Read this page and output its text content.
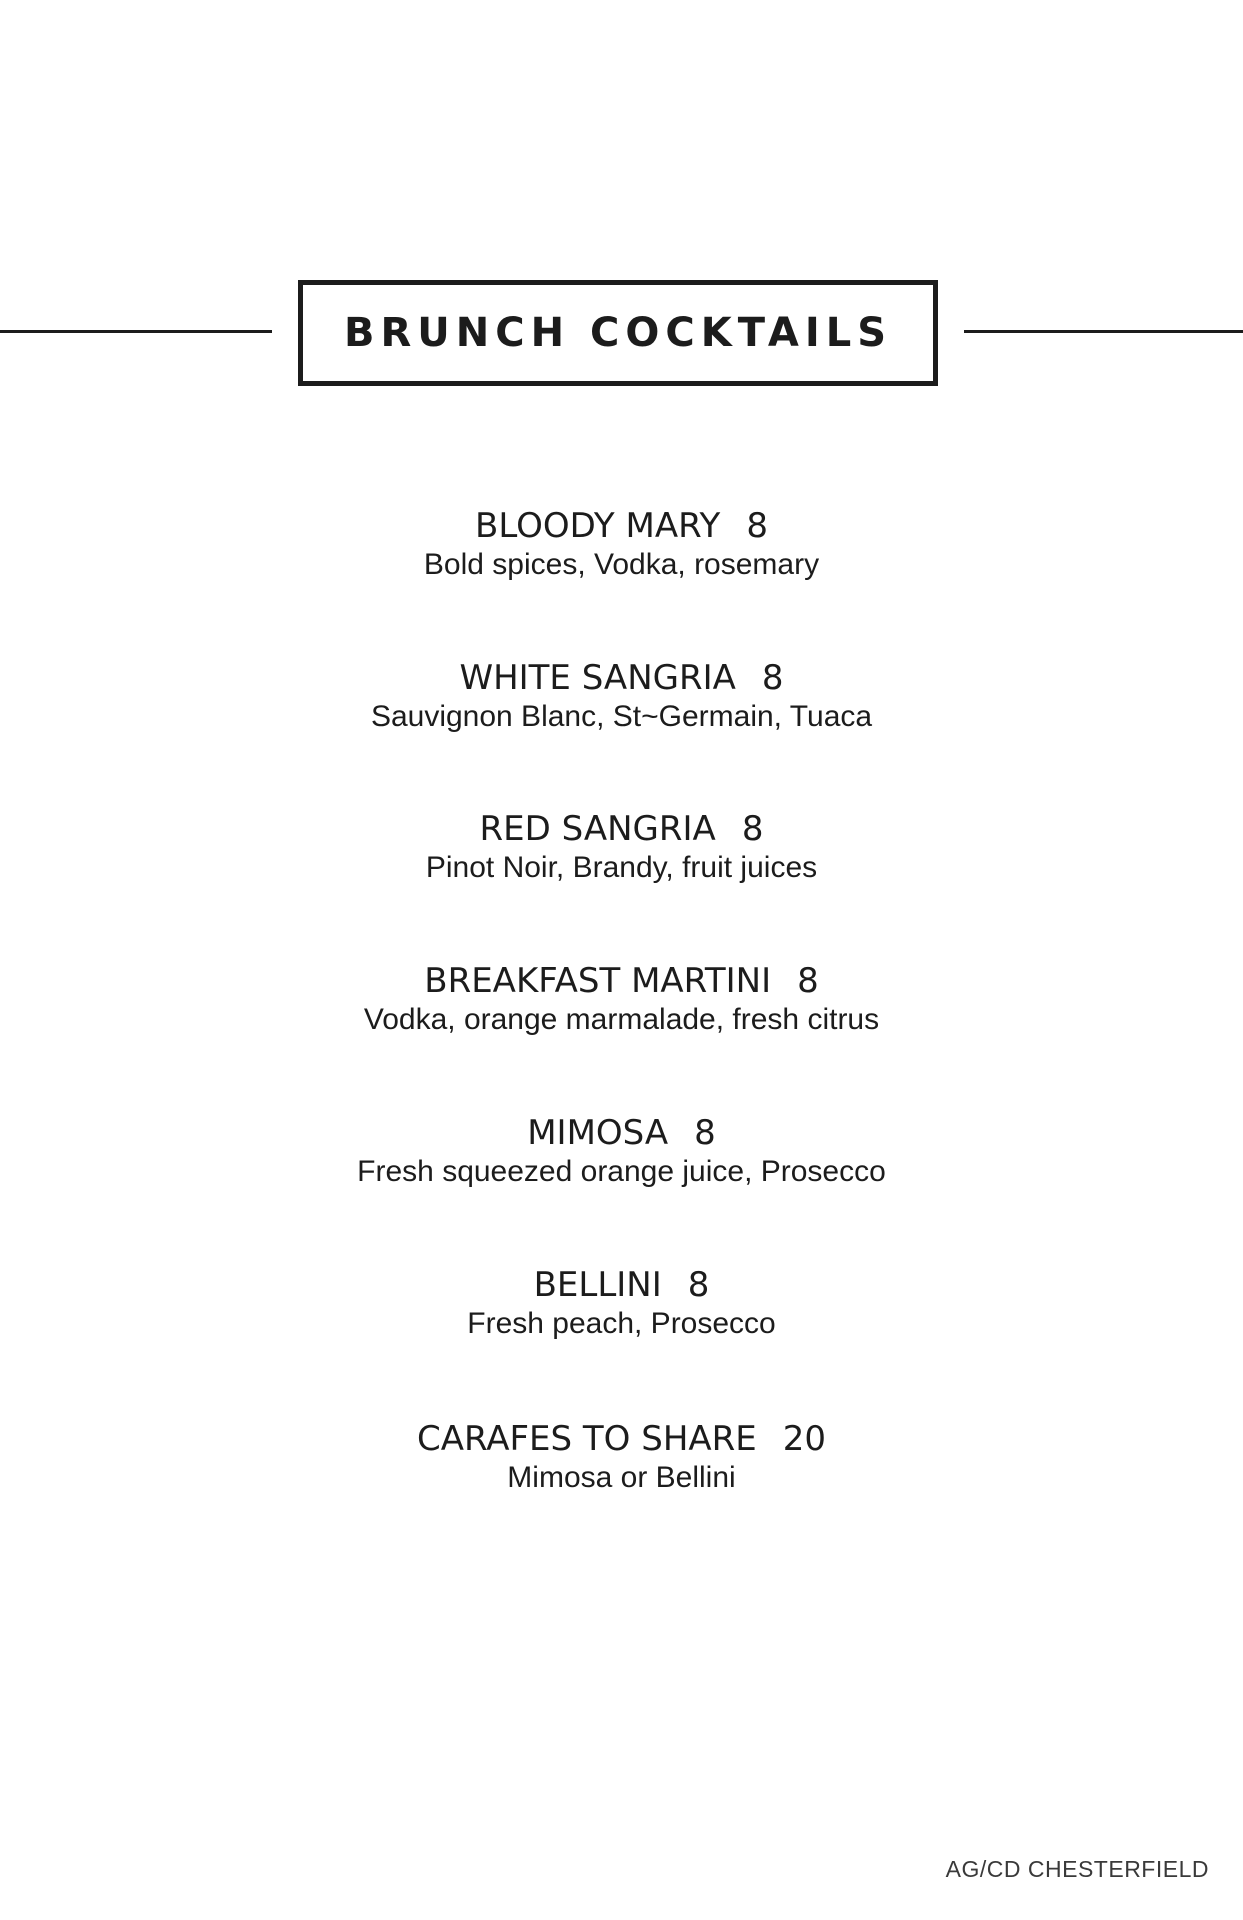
BRUNCH COCKTAILS
BLOODY MARY 8
Bold spices, Vodka, rosemary
WHITE SANGRIA 8
Sauvignon Blanc, St~Germain, Tuaca
RED SANGRIA 8
Pinot Noir, Brandy, fruit juices
BREAKFAST MARTINI 8
Vodka, orange marmalade, fresh citrus
MIMOSA 8
Fresh squeezed orange juice, Prosecco
BELLINI 8
Fresh peach, Prosecco
CARAFES TO SHARE 20
Mimosa or Bellini
AG/CD CHESTERFIELD
